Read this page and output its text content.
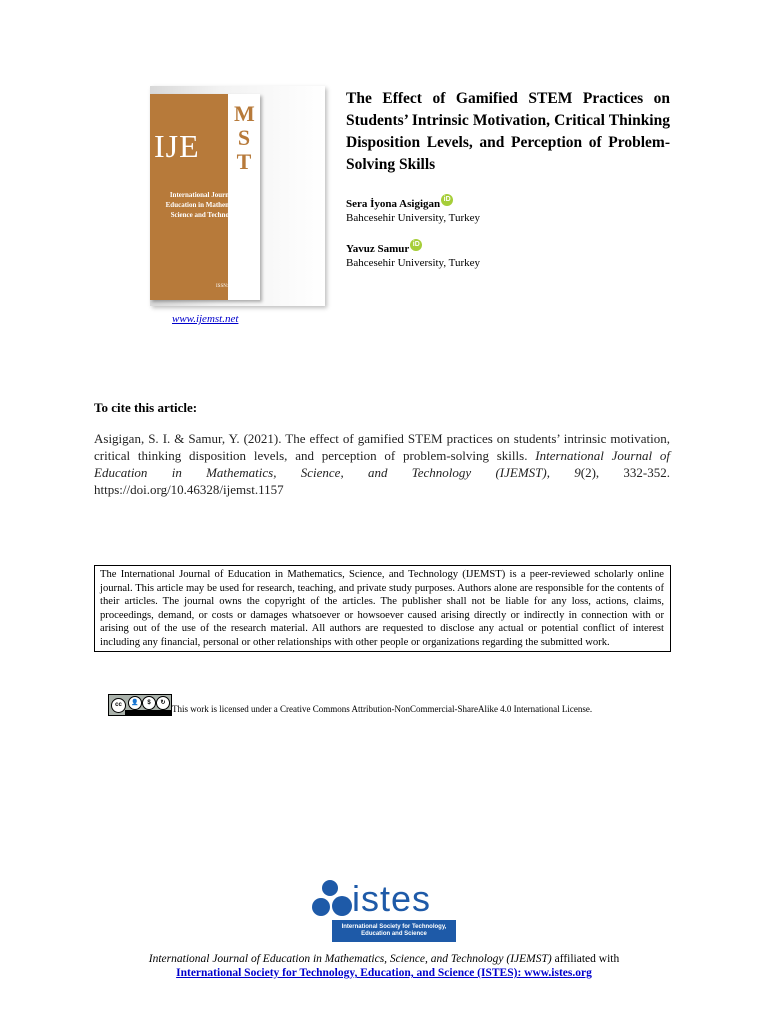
IJE
M
S
T
International Journal of Education in Mathematics, Science and Technology
ISSN: 2147-611X
www.ijemst.net
The Effect of Gamified STEM Practices on Students’ Intrinsic Motivation, Critical Thinking Disposition Levels, and Perception of Problem-Solving Skills
Sera İyona Asigigan iD
Bahcesehir University, Turkey
Yavuz Samur iD
Bahcesehir University, Turkey
To cite this article:
Asigigan, S. I. & Samur, Y. (2021). The effect of gamified STEM practices on students’ intrinsic motivation, critical thinking disposition levels, and perception of problem-solving skills. International Journal of Education in Mathematics, Science, and Technology (IJEMST), 9(2), 332-352. https://doi.org/10.46328/ijemst.1157
The International Journal of Education in Mathematics, Science, and Technology (IJEMST) is a peer-reviewed scholarly online journal. This article may be used for research, teaching, and private study purposes. Authors alone are responsible for the contents of their articles. The journal owns the copyright of the articles. The publisher shall not be liable for any loss, actions, claims, proceedings, demand, or costs or damages whatsoever or howsoever caused arising directly or indirectly in connection with or arising out of the use of the research material. All authors are requested to disclose any actual or potential conflict of interest including any financial, personal or other relationships with other people or organizations regarding the submitted work.
cc	👤	$	↻
This work is licensed under a Creative Commons Attribution-NonCommercial-ShareAlike 4.0 International License.
istes
International Society for Technology, Education and Science
International Journal of Education in Mathematics, Science, and Technology (IJEMST) affiliated with
International Society for Technology, Education, and Science (ISTES): www.istes.org
